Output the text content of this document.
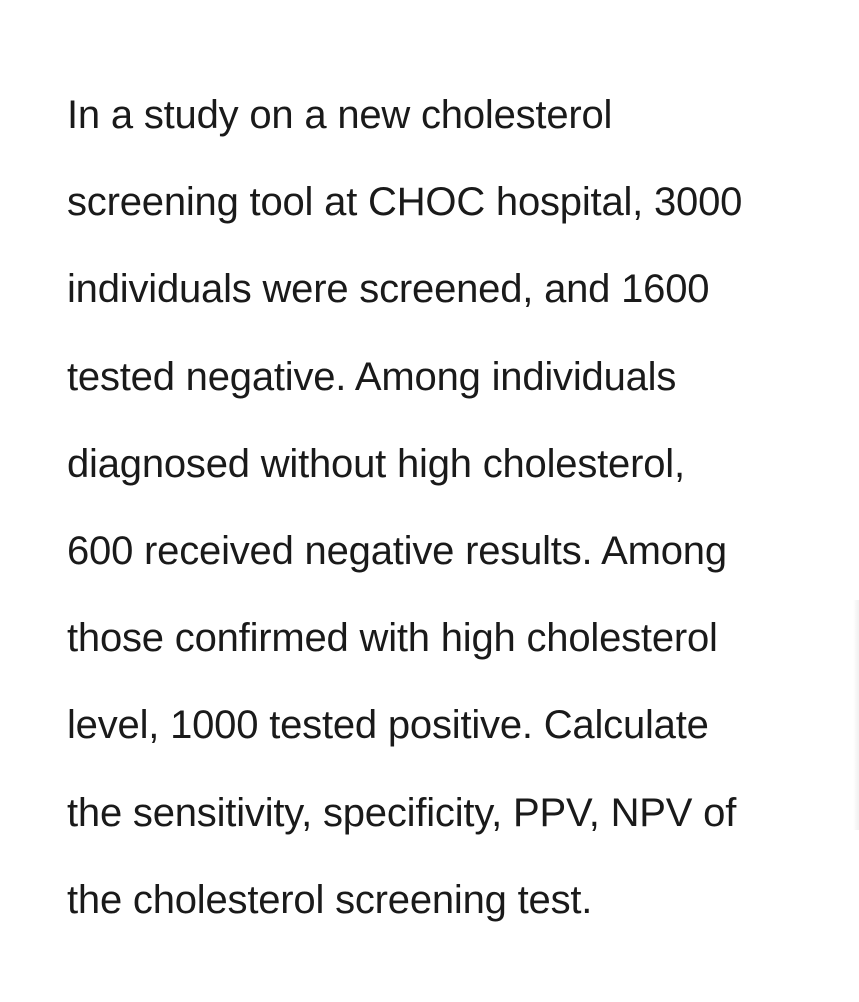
In a study on a new cholesterol
screening tool at CHOC hospital, 3000
individuals were screened, and 1600
tested negative. Among individuals
diagnosed without high cholesterol,
600 received negative results. Among
those confirmed with high cholesterol
level, 1000 tested positive. Calculate
the sensitivity, specificity, PPV, NPV of
the cholesterol screening test.
